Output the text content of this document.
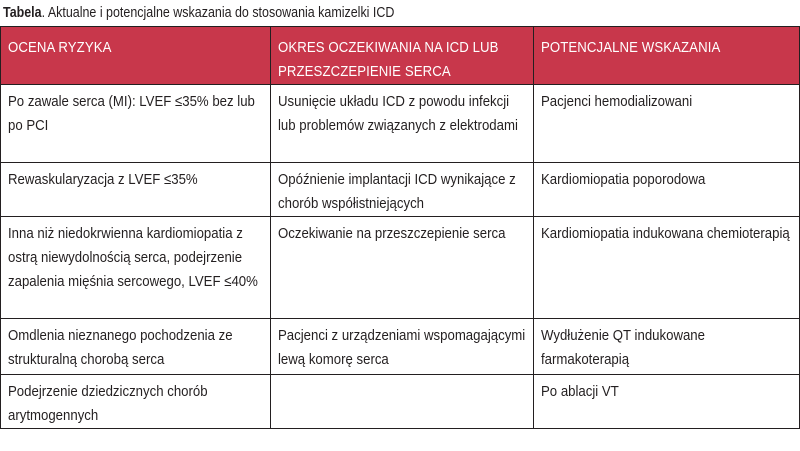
Tabela. Aktualne i potencjalne wskazania do stosowania kamizelki ICD
OCENA RYZYKA	OKRES OCZEKIWANIA NA ICD LUB PRZESZCZEPIENIE SERCA	POTENCJALNE WSKAZANIA
Po zawale serca (MI): LVEF ≤35% bez lub po PCI	Usunięcie układu ICD z powodu infekcji lub problemów związanych z elektrodami	Pacjenci hemodializowani
Rewaskularyzacja z LVEF ≤35%	Opóźnienie implantacji ICD wynikające z chorób współistniejących	Kardiomiopatia poporodowa
Inna niż niedokrwienna kardiomiopatia z ostrą niewydolnością serca, podejrzenie zapalenia mięśnia sercowego, LVEF ≤40%	Oczekiwanie na przeszczepienie serca	Kardiomiopatia indukowana chemioterapią
Omdlenia nieznanego pochodzenia ze strukturalną chorobą serca	Pacjenci z urządzeniami wspomagającymi lewą komorę serca	Wydłużenie QT indukowane farmakoterapią
Podejrzenie dziedzicznych chorób arytmogennych		Po ablacji VT
